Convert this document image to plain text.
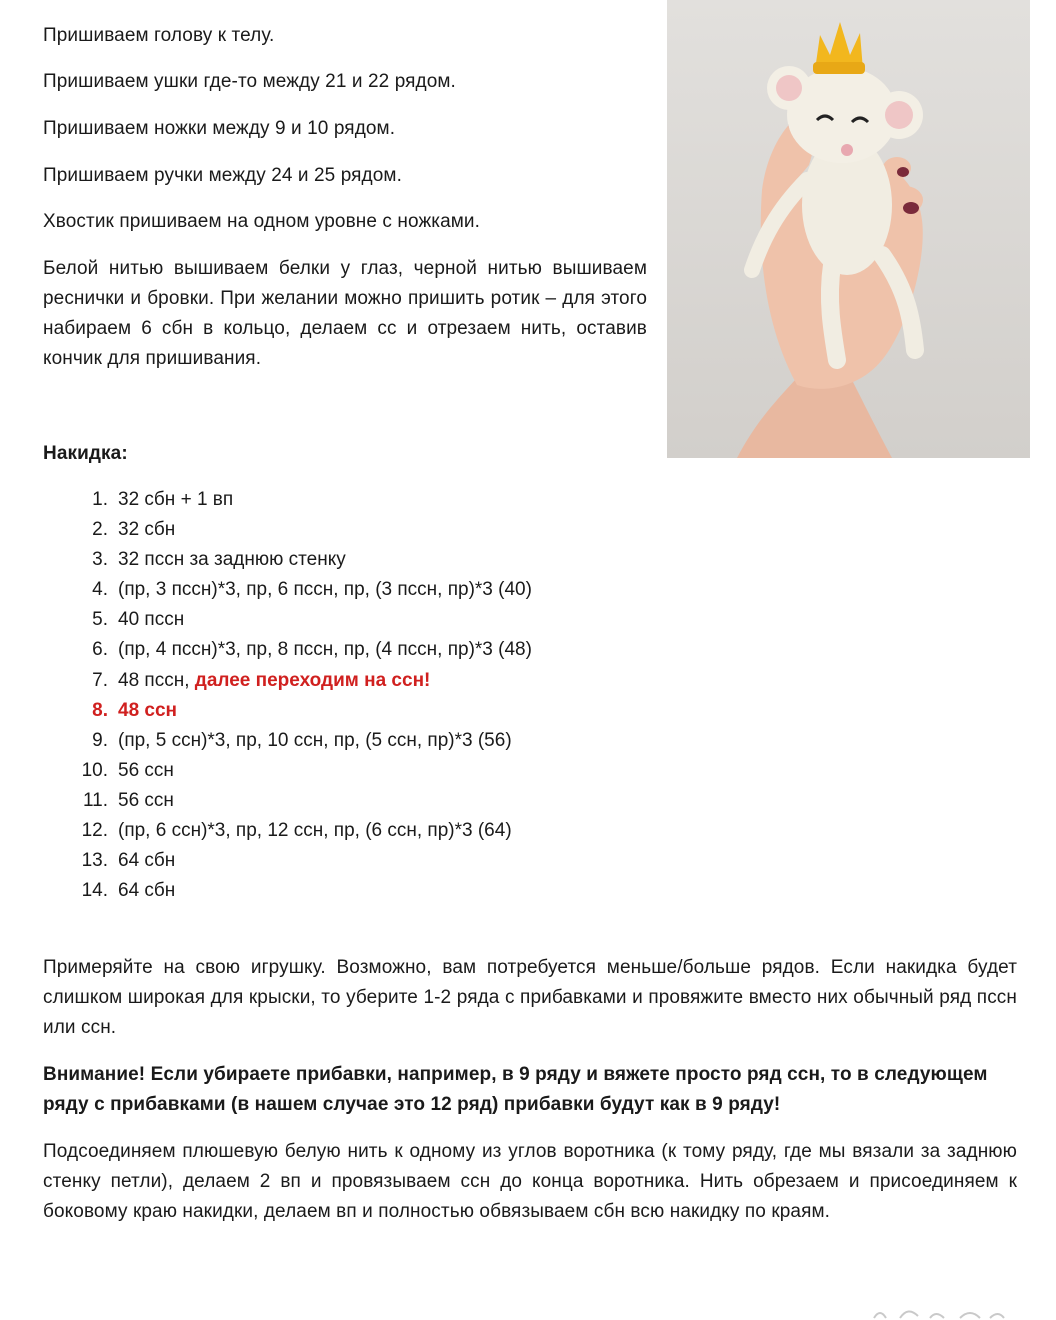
Пришиваем голову к телу.

Пришиваем ушки где-то между 21 и 22 рядом.

Пришиваем ножки между 9 и 10 рядом.

Пришиваем ручки между 24 и 25 рядом.

Хвостик пришиваем на одном уровне с ножками.

Белой нитью вышиваем белки у глаз, черной нитью вышиваем реснички и бровки. При желании можно пришить ротик – для этого набираем 6 сбн в кольцо, делаем сс и отрезаем нить, оставив кончик для пришивания.

Накидка:

1. 32 сбн + 1 вп
2. 32 сбн
3. 32 пссн за заднюю стенку
4. (пр, 3 пссн)*3, пр, 6 пссн, пр, (3 пссн, пр)*3 (40)
5. 40 пссн
6. (пр, 4 пссн)*3, пр, 8 пссн, пр, (4 пссн, пр)*3 (48)
7. 48 пссн, далее переходим на ссн!
8. 48 ссн
9. (пр, 5 ссн)*3, пр, 10 ссн, пр, (5 ссн, пр)*3 (56)
10. 56 ссн
11. 56 ссн
12. (пр, 6 ссн)*3, пр, 12 ссн, пр, (6 ссн, пр)*3 (64)
13. 64 сбн
14. 64 сбн

Примеряйте на свою игрушку. Возможно, вам потребуется меньше/больше рядов. Если накидка будет слишком широкая для крыски, то уберите 1-2 ряда с прибавками и провяжите вместо них обычный ряд пссн или ссн.

Внимание! Если убираете прибавки, например, в 9 ряду и вяжете просто ряд ссн, то в следующем ряду с прибавками (в нашем случае это 12 ряд) прибавки будут как в 9 ряду!

Подсоединяем плюшевую белую нить к одному из углов воротника (к тому ряду, где мы вязали за заднюю стенку петли), делаем 2 вп и провязываем ссн до конца воротника. Нить обрезаем и присоединяем к боковому краю накидки, делаем вп и полностью обвязываем сбн всю накидку по краям.
